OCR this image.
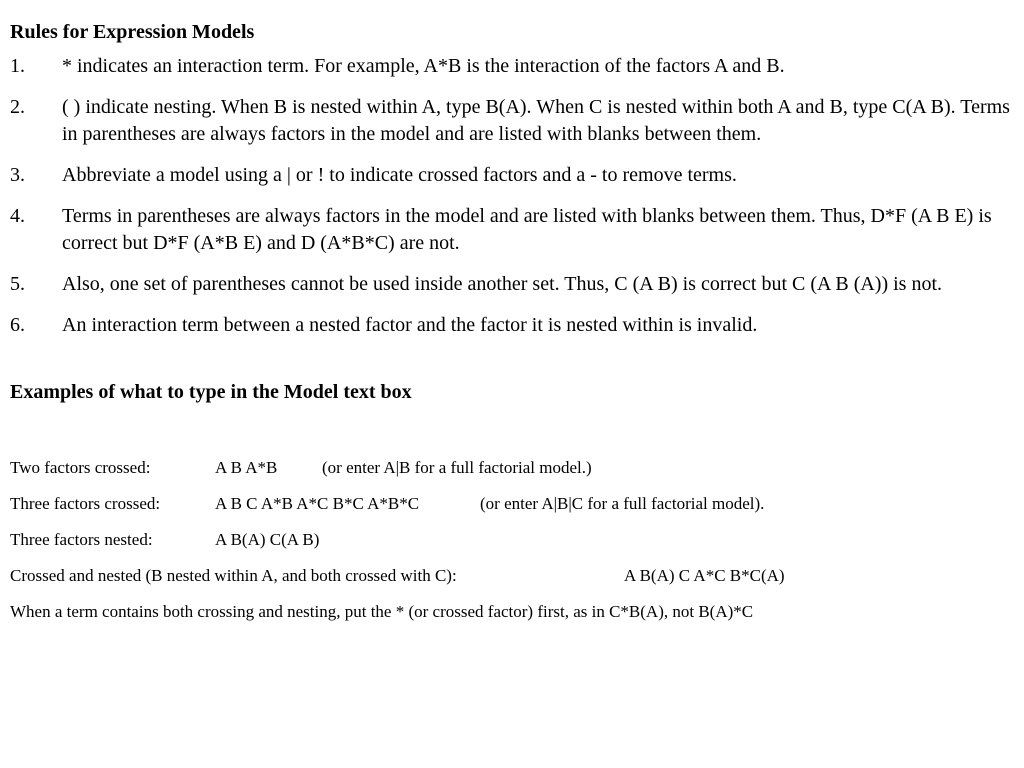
Rules for Expression Models
1. * indicates an interaction term. For example, A*B is the interaction of the factors A and B.
2. ( ) indicate nesting. When B is nested within A, type B(A). When C is nested within both A and B, type C(A B). Terms in parentheses are always factors in the model and are listed with blanks between them.
3. Abbreviate a model using a | or ! to indicate crossed factors and a - to remove terms.
4. Terms in parentheses are always factors in the model and are listed with blanks between them. Thus, D*F (A B E) is correct but D*F (A*B E) and D (A*B*C) are not.
5. Also, one set of parentheses cannot be used inside another set. Thus, C (A B) is correct but C (A B (A)) is not.
6. An interaction term between a nested factor and the factor it is nested within is invalid.
Examples of what to type in the Model text box
Two factors crossed:	A B A*B	(or enter A|B for a full factorial model.)
Three factors crossed:	A B C A*B A*C B*C A*B*C	(or enter A|B|C for a full factorial model).
Three factors nested:	A B(A) C(A B)
Crossed and nested (B nested within A, and both crossed with C):	A B(A) C A*C B*C(A)
When a term contains both crossing and nesting, put the * (or crossed factor) first, as in C*B(A), not B(A)*C
